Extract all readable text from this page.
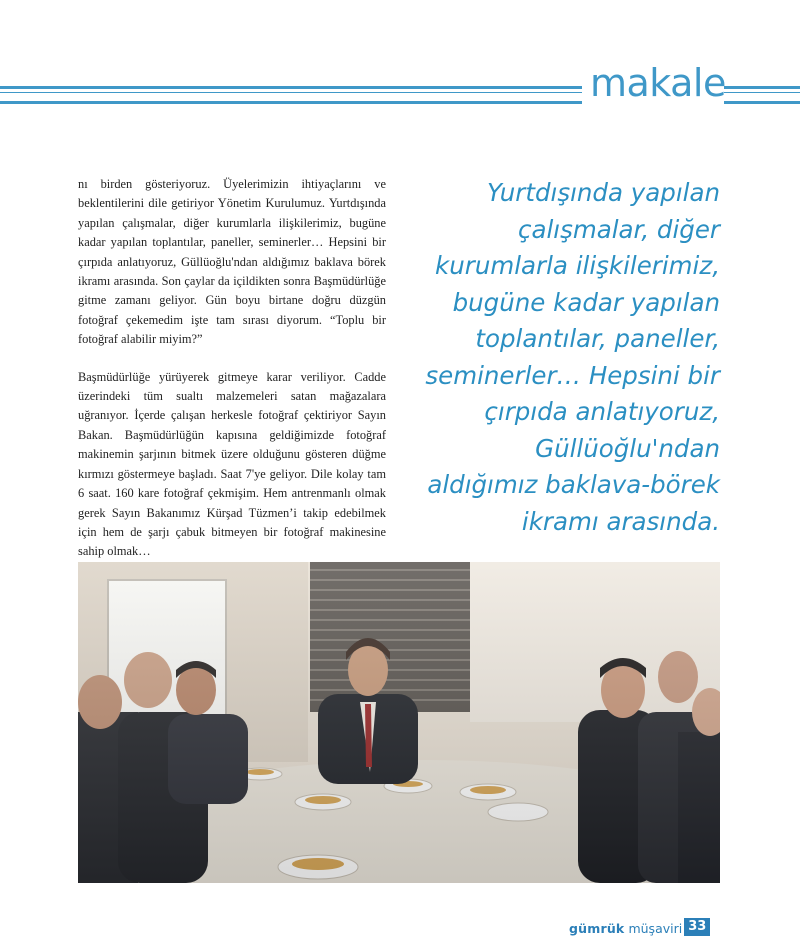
makale

nı birden gösteriyoruz. Üyelerimizin ihtiyaçlarını ve beklentilerini dile getiriyor Yönetim Kurulumuz. Yurtdışında yapılan çalışmalar, diğer kurumlarla ilişkilerimiz, bugüne kadar yapılan toplantılar, paneller, seminerler… Hepsini bir çırpıda anlatıyoruz, Güllüoğlu'ndan aldığımız baklava börek ikramı arasında. Son çaylar da içildikten sonra Başmüdürlüğe gitme zamanı geliyor. Gün boyu birtane doğru düzgün fotoğraf çekemedim işte tam sırası diyorum. “Toplu bir fotoğraf alabilir miyim?”

Başmüdürlüğe yürüyerek gitmeye karar veriliyor. Cadde üzerindeki tüm sualtı malzemeleri satan mağazalara uğranıyor. İçerde çalışan herkesle fotoğraf çektiriyor Sayın Bakan. Başmüdürlüğün kapısına geldiğimizde fotoğraf makinemin şarjının bitmek üzere olduğunu gösteren düğme kırmızı göstermeye başladı. Saat 7'ye geliyor. Dile kolay tam 6 saat. 160 kare fotoğraf çekmişim. Hem antrenmanlı olmak gerek Sayın Bakanımız Kürşad Tüzmen’i takip edebilmek için hem de şarjı çabuk bitmeyen bir fotoğraf makinesine sahip olmak…

Yurtdışında yapılan
çalışmalar, diğer
kurumlarla ilişkilerimiz,
bugüne kadar yapılan
toplantılar, paneller,
seminerler… Hepsini bir
çırpıda anlatıyoruz,
Güllüoğlu'ndan
aldığımız baklava-börek
ikramı arasında.
gümrük müşaviri 33
